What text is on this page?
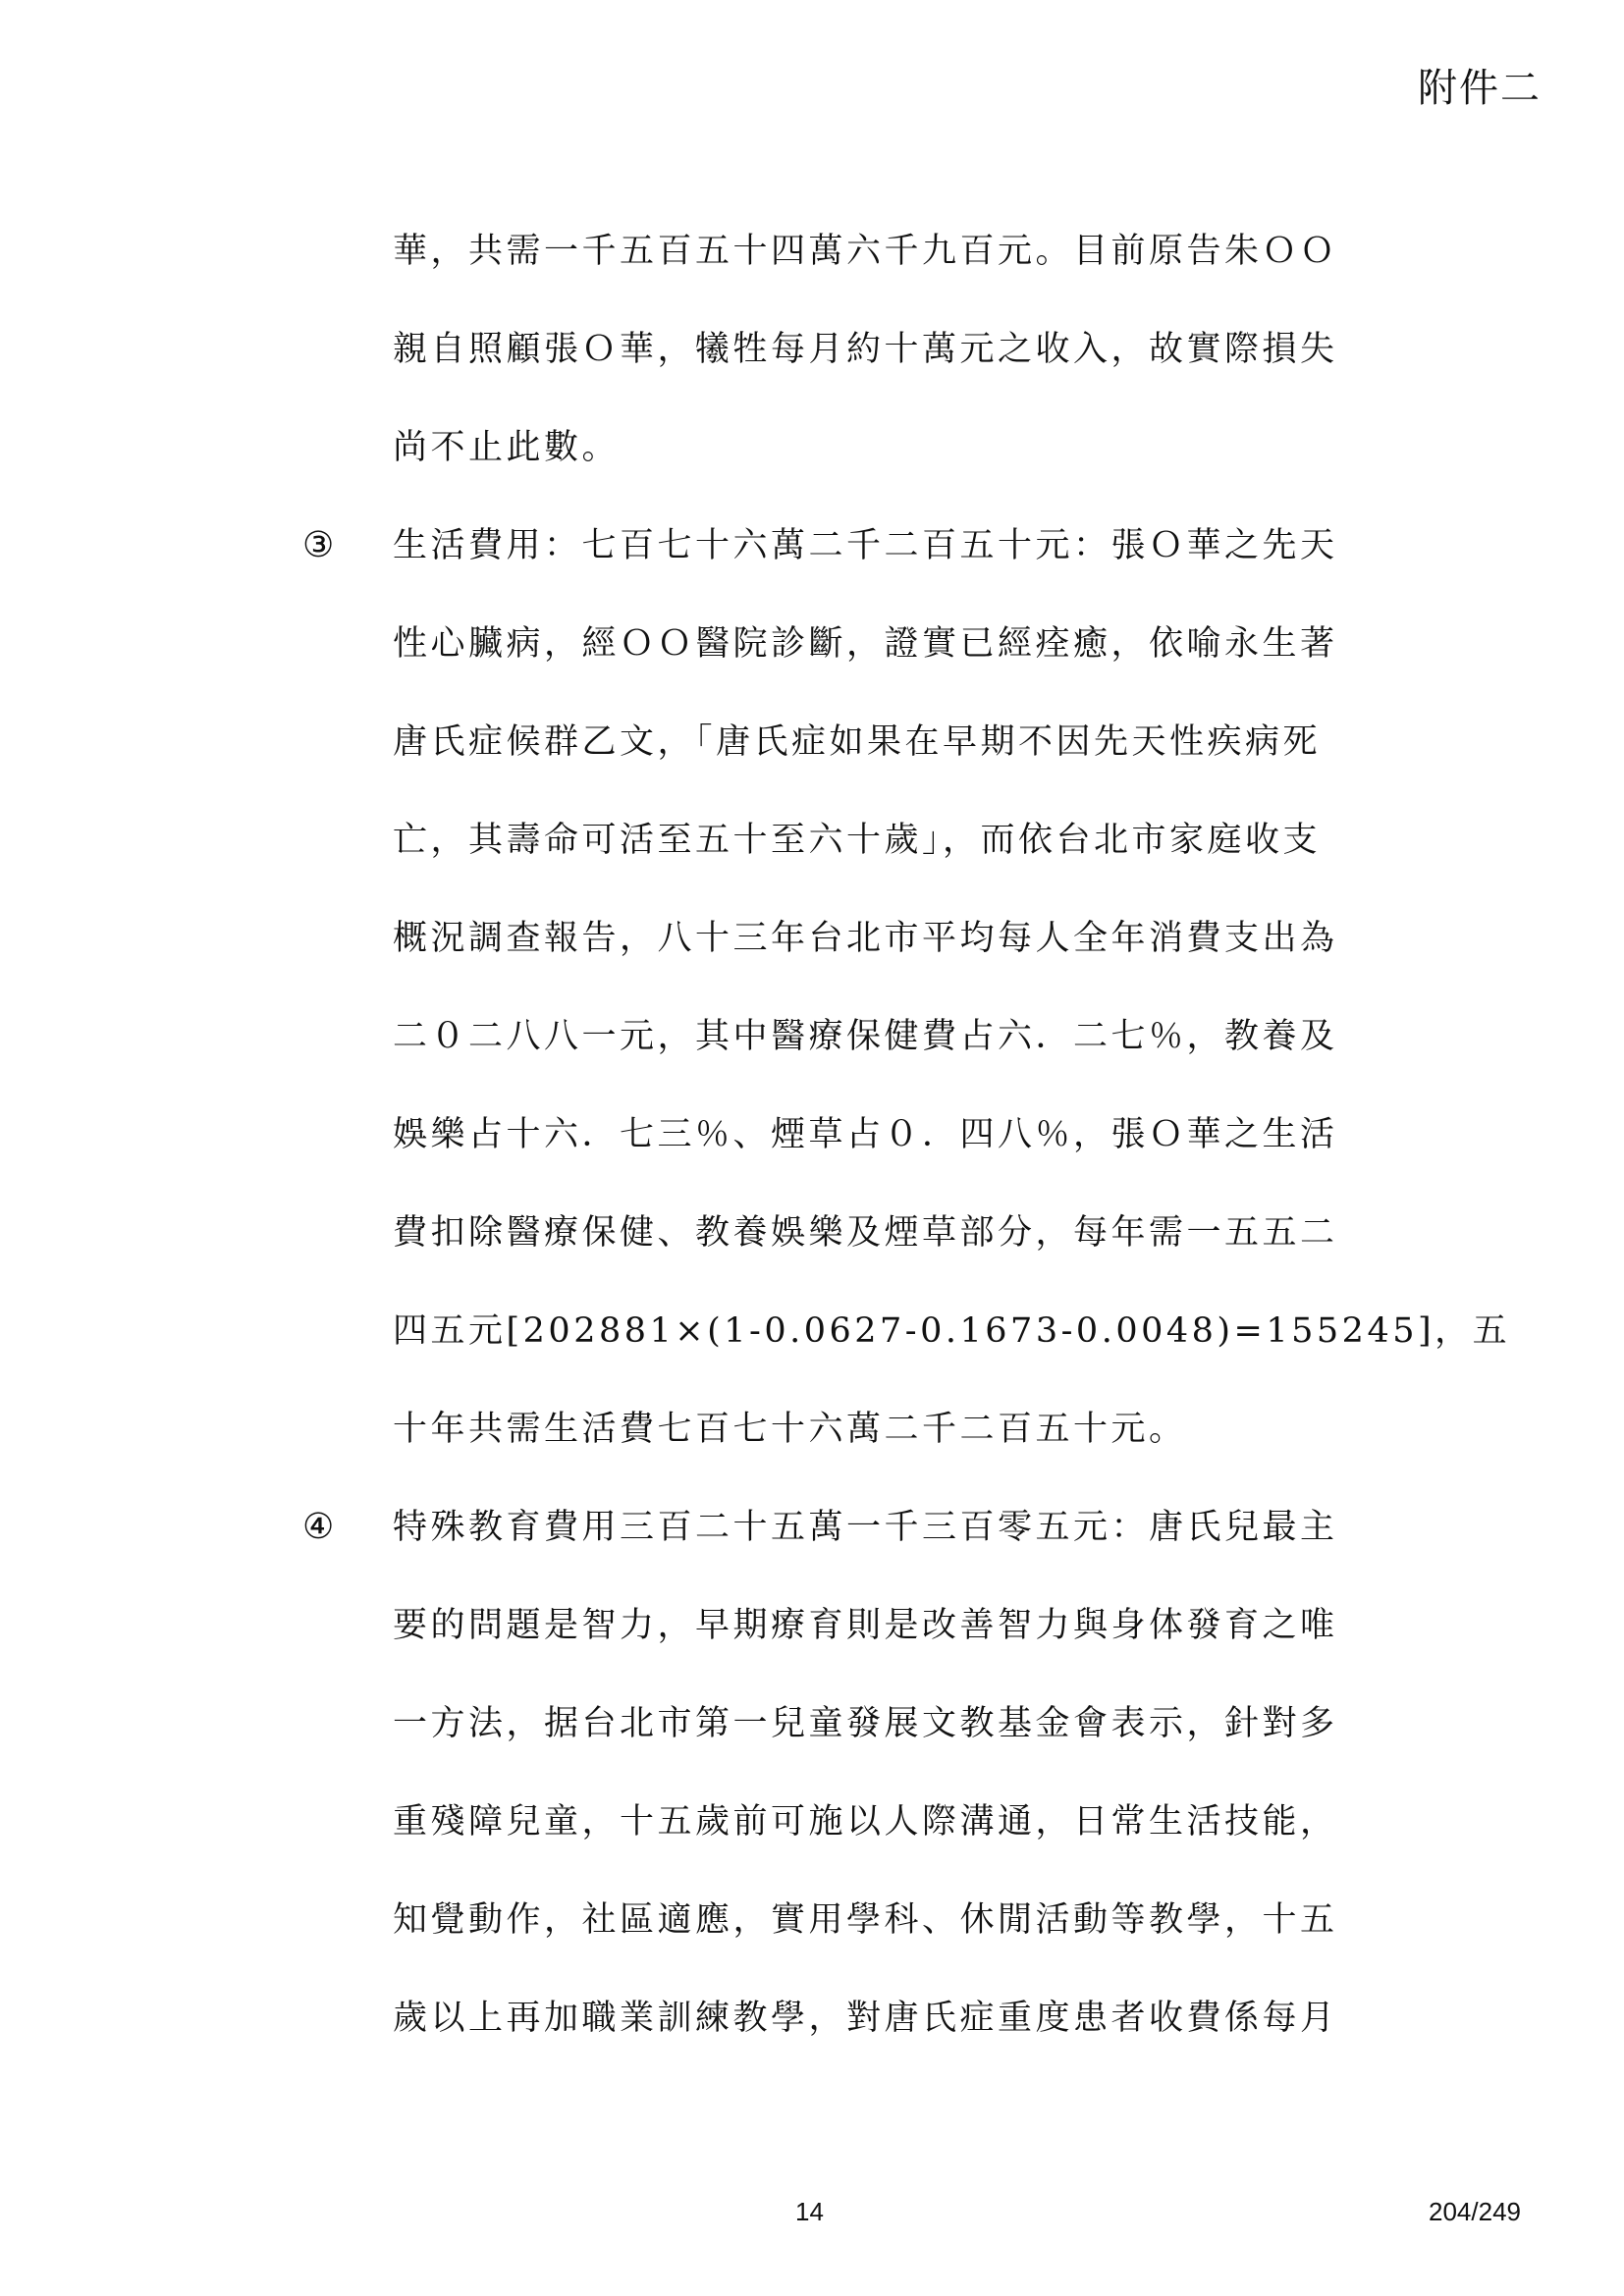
附件二
華，共需一千五百五十四萬六千九百元。目前原告朱ＯＯ
親自照顧張Ｏ華，犧牲每月約十萬元之收入，故實際損失
尚不止此數。
③ 生活費用：七百七十六萬二千二百五十元：張Ｏ華之先天
性心臟病，經ＯＯ醫院診斷，證實已經痊癒，依喻永生著
唐氏症候群乙文，「唐氏症如果在早期不因先天性疾病死
亡，其壽命可活至五十至六十歲」，而依台北市家庭收支
概況調查報告，八十三年台北市平均每人全年消費支出為
二０二八八一元，其中醫療保健費占六．二七％，教養及
娛樂占十六．七三％、煙草占０．四八％，張Ｏ華之生活
費扣除醫療保健、教養娛樂及煙草部分，每年需一五五二
四五元[202881×(1-0.0627-0.1673-0.0048)=155245]，五
十年共需生活費七百七十六萬二千二百五十元。
④ 特殊教育費用三百二十五萬一千三百零五元：唐氏兒最主
要的問題是智力，早期療育則是改善智力與身体發育之唯
一方法，据台北市第一兒童發展文教基金會表示，針對多
重殘障兒童，十五歲前可施以人際溝通，日常生活技能，
知覺動作，社區適應，實用學科、休閒活動等教學，十五
歲以上再加職業訓練教學，對唐氏症重度患者收費係每月
14	204/249
